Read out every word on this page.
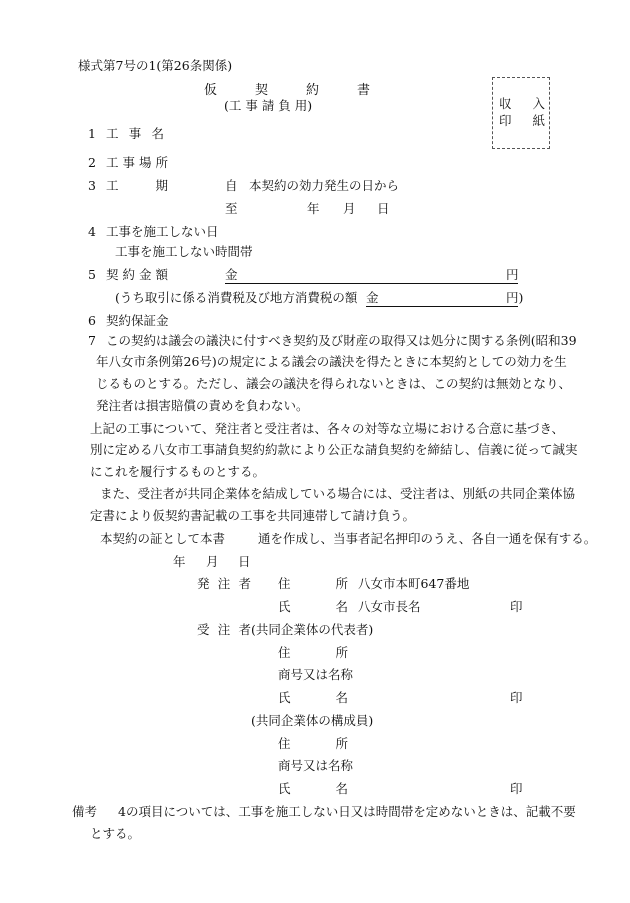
様式第7号の1(第26条関係)
仮	契	約	書
(工 事 請 負 用)	収 入
印 紙
1 工 事 名
2 工 事 場 所
3 工	期	自 本契約の効力発生の日から
至	年 月 日
4 工事を施工しない日
工事を施工しない時間帯
5 契 約 金 額	金	円
(うち取引に係る消費税及び地方消費税の額 金	円)
6 契約保証金
7 この契約は議会の議決に付すべき契約及び財産の取得又は処分に関する条例(昭和39
年八女市条例第26号)の規定による議会の議決を得たときに本契約としての効力を生
じるものとする。ただし、議会の議決を得られないときは、この契約は無効となり、
発注者は損害賠償の責めを負わない。
上記の工事について、発注者と受注者は、各々の対等な立場における合意に基づき、
別に定める八女市工事請負契約約款により公正な請負契約を締結し、信義に従って誠実
にこれを履行するものとする。
また、受注者が共同企業体を結成している場合には、受注者は、別紙の共同企業体協
定書により仮契約書記載の工事を共同連帯して請け負う。
本契約の証として本書	通を作成し、当事者記名押印のうえ、各自一通を保有する。
年 月 日
発 注 者 住	所 八女市本町647番地
氏	名 八女市長名	印
受 注 者 (共同企業体の代表者)
住	所
商号又は名称
氏	名	印
(共同企業体の構成員)
住	所
商号又は名称
氏	名	印
備考 4の項目については、工事を施工しない日又は時間帯を定めないときは、記載不要
とする。
